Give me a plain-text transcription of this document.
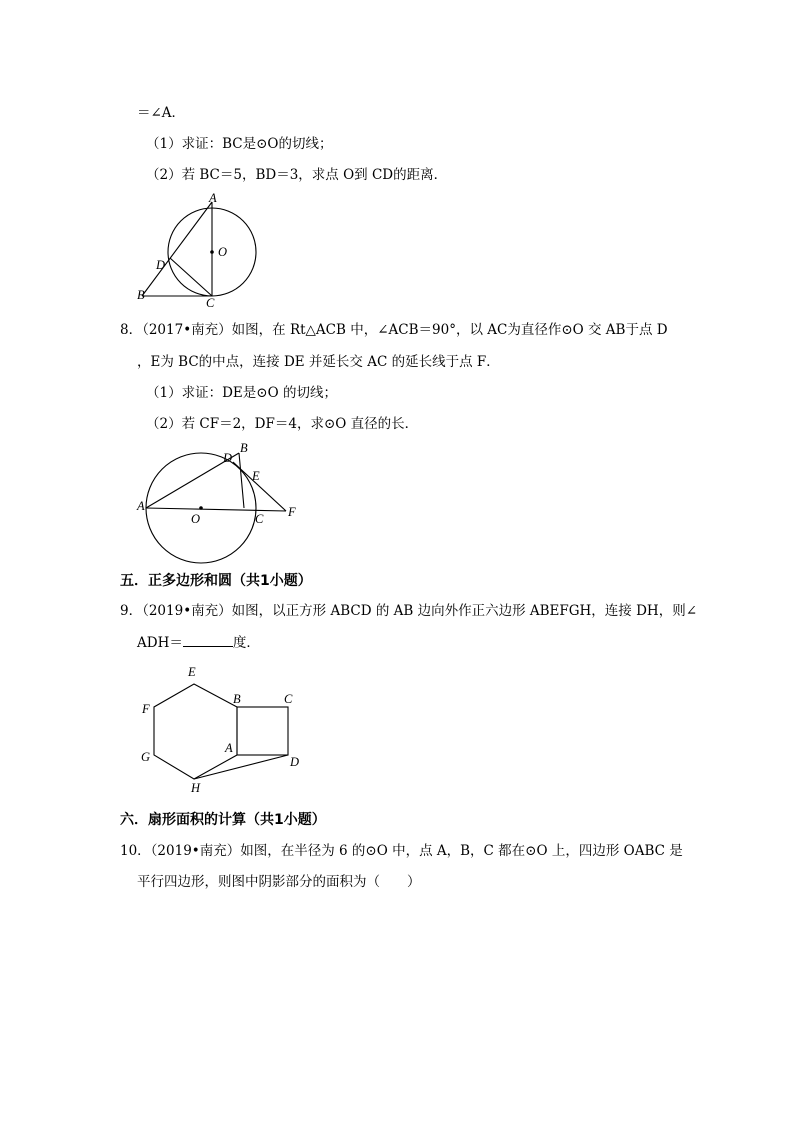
＝∠A．
（1）求证：BC是⊙O的切线；
（2）若 BC＝5，BD＝3，求点 O到 CD的距离．
A
O
D
B
C
8．（2017•南充）如图，在 Rt△ACB 中，∠ACB＝90°，以 AC为直径作⊙O 交 AB于点 D
，E为 BC的中点，连接 DE 并延长交 AC 的延长线于点 F．
（1）求证：DE是⊙O 的切线；
（2）若 CF＝2，DF＝4，求⊙O 直径的长．
B
D
E
A
O	C F
五．正多边形和圆（共1小题）
9．（2019•南充）如图，以正方形 ABCD 的 AB 边向外作正六边形 ABEFGH，连接 DH，则∠
ADH＝	度．
E
B	C
F
A
G
H
D
六．扇形面积的计算（共1小题）
10．（2019•南充）如图，在半径为 6 的⊙O 中，点 A，B，C 都在⊙O 上，四边形 OABC 是
平行四边形，则图中阴影部分的面积为（　　）
